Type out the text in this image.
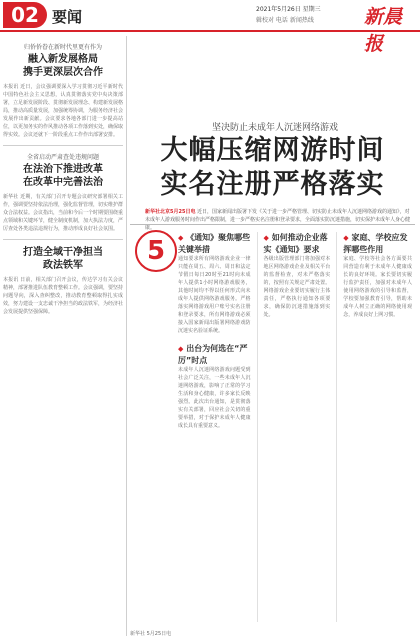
02 要闻	2021年5月26日 星期三
辑校对 电话 新闻热线	新晨报
归侨侨眷在新时代里更有作为
融入新发展格局
携手更深层次合作
本报讯 近日，会议强调要深入学习贯彻习近平新时代中国特色社会主义思想，认真贯彻落实党中央决策部署，立足新发展阶段、贯彻新发展理念、构建新发展格局，推动高质量发展，加强统筹协调，为服务经济社会发展作出新贡献。会议要求各地各部门进一步提高站位，以更加务实的作风推动各项工作落到实处，确保取得实效。会议还就下一阶段重点工作作出部署安排。
全省启动严肃查处违规问题
在法治下推进改革
在改革中完善法治
新华社 近期，有关部门召开专题会议研究部署相关工作，强调要坚持依法治理，强化监督管理，切实维护群众合法权益。会议指出，当前和今后一个时期要围绕重点领域和关键环节，健全制度机制，加大执法力度，严厉查处各类违法违规行为，推动形成良好社会氛围。
打造全域干净担当
政法铁军
本报讯 日前，相关部门召开会议，传达学习有关会议精神，部署推进队伍教育整顿工作。会议强调，要坚持问题导向，深入查纠整改，推动教育整顿取得扎实成效，努力建设一支忠诚干净担当的政法铁军，为经济社会发展提供坚强保障。
坚决防止未成年人沉迷网络游戏
大幅压缩网游时间
实名注册严格落实
新华社北京5月25日电 近日，国家新闻出版署下发《关于进一步严格管理、切实防止未成年人沉迷网络游戏的通知》，对未成年人游戏服务时间作出严格限制，进一步严格实名注册和登录要求，全面落实防沉迷措施，切实保护未成年人身心健康。
5	◆ 《通知》聚焦哪些关键举措
通知要求所有网络游戏企业一律只能在周五、周六、周日和法定节假日每日20时至21时向未成年人提供1小时网络游戏服务，其他时间均不得以任何形式向未成年人提供网络游戏服务。严格落实网络游戏用户账号实名注册和登录要求，所有网络游戏必须接入国家新闻出版署网络游戏防沉迷实名验证系统。
◆ 出台为何选在“严厉”时点
未成年人沉迷网络游戏问题受到社会广泛关注，一些未成年人沉迷网络游戏，影响了正常的学习生活和身心健康，许多家长反映强烈。此次出台通知，是贯彻落实有关部署，回应社会关切的重要举措，对于保护未成年人健康成长具有重要意义。
◆ 如何推动企业落实《通知》要求
各级出版管理部门将加强对本地区网络游戏企业及相关平台的监督检查，对未严格落实的，按照有关规定严肃处置。网络游戏企业要切实履行主体责任，严格执行通知各项要求，确保防沉迷措施落到实处。
◆ 家庭、学校应发挥哪些作用
家庭、学校等社会各方面要共同营造有利于未成年人健康成长的良好环境。家长要切实履行监护责任，加强对未成年人使用网络游戏的引导和监督，学校要加强教育引导，帮助未成年人树立正确的网络使用观念，养成良好上网习惯。
新华社 5月25日电
